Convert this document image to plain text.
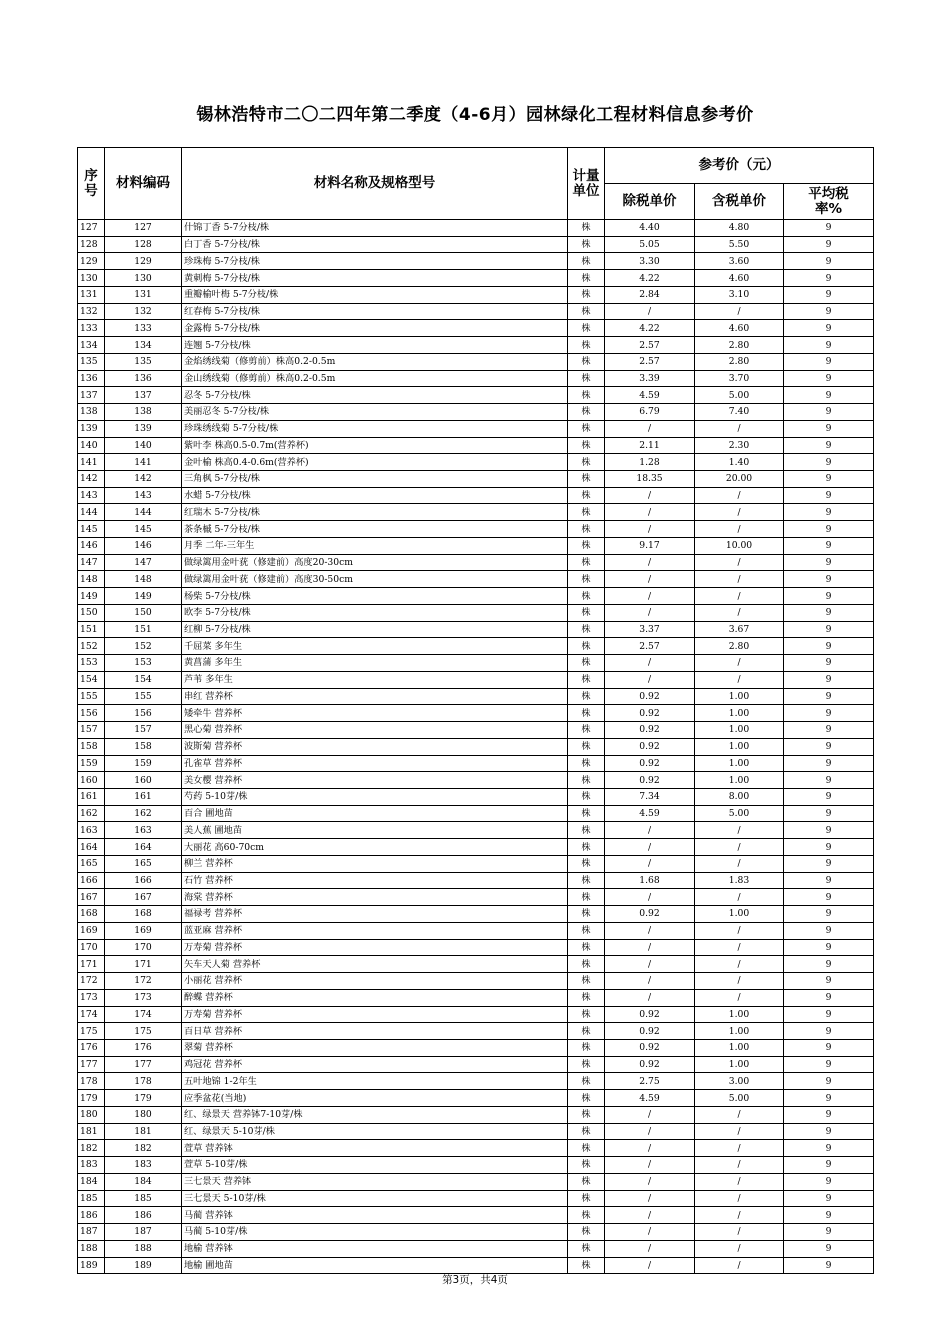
锡林浩特市二〇二四年第二季度（4-6月）园林绿化工程材料信息参考价
序号	材料编码	材料名称及规格型号	计量单位	参考价（元）		
				除税单价	含税单价	平均税率%
127	127	什锦丁香 5-7分枝/株	株	4.40	4.80	9
128	128	白丁香 5-7分枝/株	株	5.05	5.50	9
129	129	珍珠梅 5-7分枝/株	株	3.30	3.60	9
130	130	黄刺梅 5-7分枝/株	株	4.22	4.60	9
131	131	重瓣榆叶梅 5-7分枝/株	株	2.84	3.10	9
132	132	红春梅 5-7分枝/株	株	/	/	9
133	133	金露梅 5-7分枝/株	株	4.22	4.60	9
134	134	连翘 5-7分枝/株	株	2.57	2.80	9
135	135	金焰绣线菊（修剪前）株高0.2-0.5m	株	2.57	2.80	9
136	136	金山绣线菊（修剪前）株高0.2-0.5m	株	3.39	3.70	9
137	137	忍冬 5-7分枝/株	株	4.59	5.00	9
138	138	美丽忍冬 5-7分枝/株	株	6.79	7.40	9
139	139	珍珠绣线菊 5-7分枝/株	株	/	/	9
140	140	紫叶李 株高0.5-0.7m(营养杯)	株	2.11	2.30	9
141	141	金叶榆 株高0.4-0.6m(营养杯)	株	1.28	1.40	9
142	142	三角枫 5-7分枝/株	株	18.35	20.00	9
143	143	水蜡 5-7分枝/株	株	/	/	9
144	144	红瑞木 5-7分枝/株	株	/	/	9
145	145	茶条槭 5-7分枝/株	株	/	/	9
146	146	月季 二年-三年生	株	9.17	10.00	9
147	147	做绿篱用金叶莸（修建前）高度20-30cm	株	/	/	9
148	148	做绿篱用金叶莸（修建前）高度30-50cm	株	/	/	9
149	149	杨柴 5-7分枝/株	株	/	/	9
150	150	欧李 5-7分枝/株	株	/	/	9
151	151	红柳 5-7分枝/株	株	3.37	3.67	9
152	152	千屈菜 多年生	株	2.57	2.80	9
153	153	黄菖蒲 多年生	株	/	/	9
154	154	芦苇 多年生	株	/	/	9
155	155	串红 营养杯	株	0.92	1.00	9
156	156	矮牵牛 营养杯	株	0.92	1.00	9
157	157	黑心菊 营养杯	株	0.92	1.00	9
158	158	波斯菊 营养杯	株	0.92	1.00	9
159	159	孔雀草 营养杯	株	0.92	1.00	9
160	160	美女樱 营养杯	株	0.92	1.00	9
161	161	芍药 5-10芽/株	株	7.34	8.00	9
162	162	百合 圃地苗	株	4.59	5.00	9
163	163	美人蕉 圃地苗	株	/	/	9
164	164	大丽花 高60-70cm	株	/	/	9
165	165	柳兰 营养杯	株	/	/	9
166	166	石竹 营养杯	株	1.68	1.83	9
167	167	海棠 营养杯	株	/	/	9
168	168	福禄考 营养杯	株	0.92	1.00	9
169	169	蓝亚麻 营养杯	株	/	/	9
170	170	万寿菊 营养杯	株	/	/	9
171	171	矢车天人菊 营养杯	株	/	/	9
172	172	小丽花 营养杯	株	/	/	9
173	173	醉蝶 营养杯	株	/	/	9
174	174	万寿菊 营养杯	株	0.92	1.00	9
175	175	百日草 营养杯	株	0.92	1.00	9
176	176	翠菊 营养杯	株	0.92	1.00	9
177	177	鸡冠花 营养杯	株	0.92	1.00	9
178	178	五叶地锦 1-2年生	株	2.75	3.00	9
179	179	应季盆花(当地)	株	4.59	5.00	9
180	180	红、绿景天 营养钵7-10芽/株	株	/	/	9
181	181	红、绿景天 5-10芽/株	株	/	/	9
182	182	萱草 营养钵	株	/	/	9
183	183	萱草 5-10芽/株	株	/	/	9
184	184	三七景天 营养钵	株	/	/	9
185	185	三七景天 5-10芽/株	株	/	/	9
186	186	马蔺 营养钵	株	/	/	9
187	187	马蔺 5-10芽/株	株	/	/	9
188	188	地榆 营养钵	株	/	/	9
189	189	地榆 圃地苗	株	/	/	9
第3页，共4页
